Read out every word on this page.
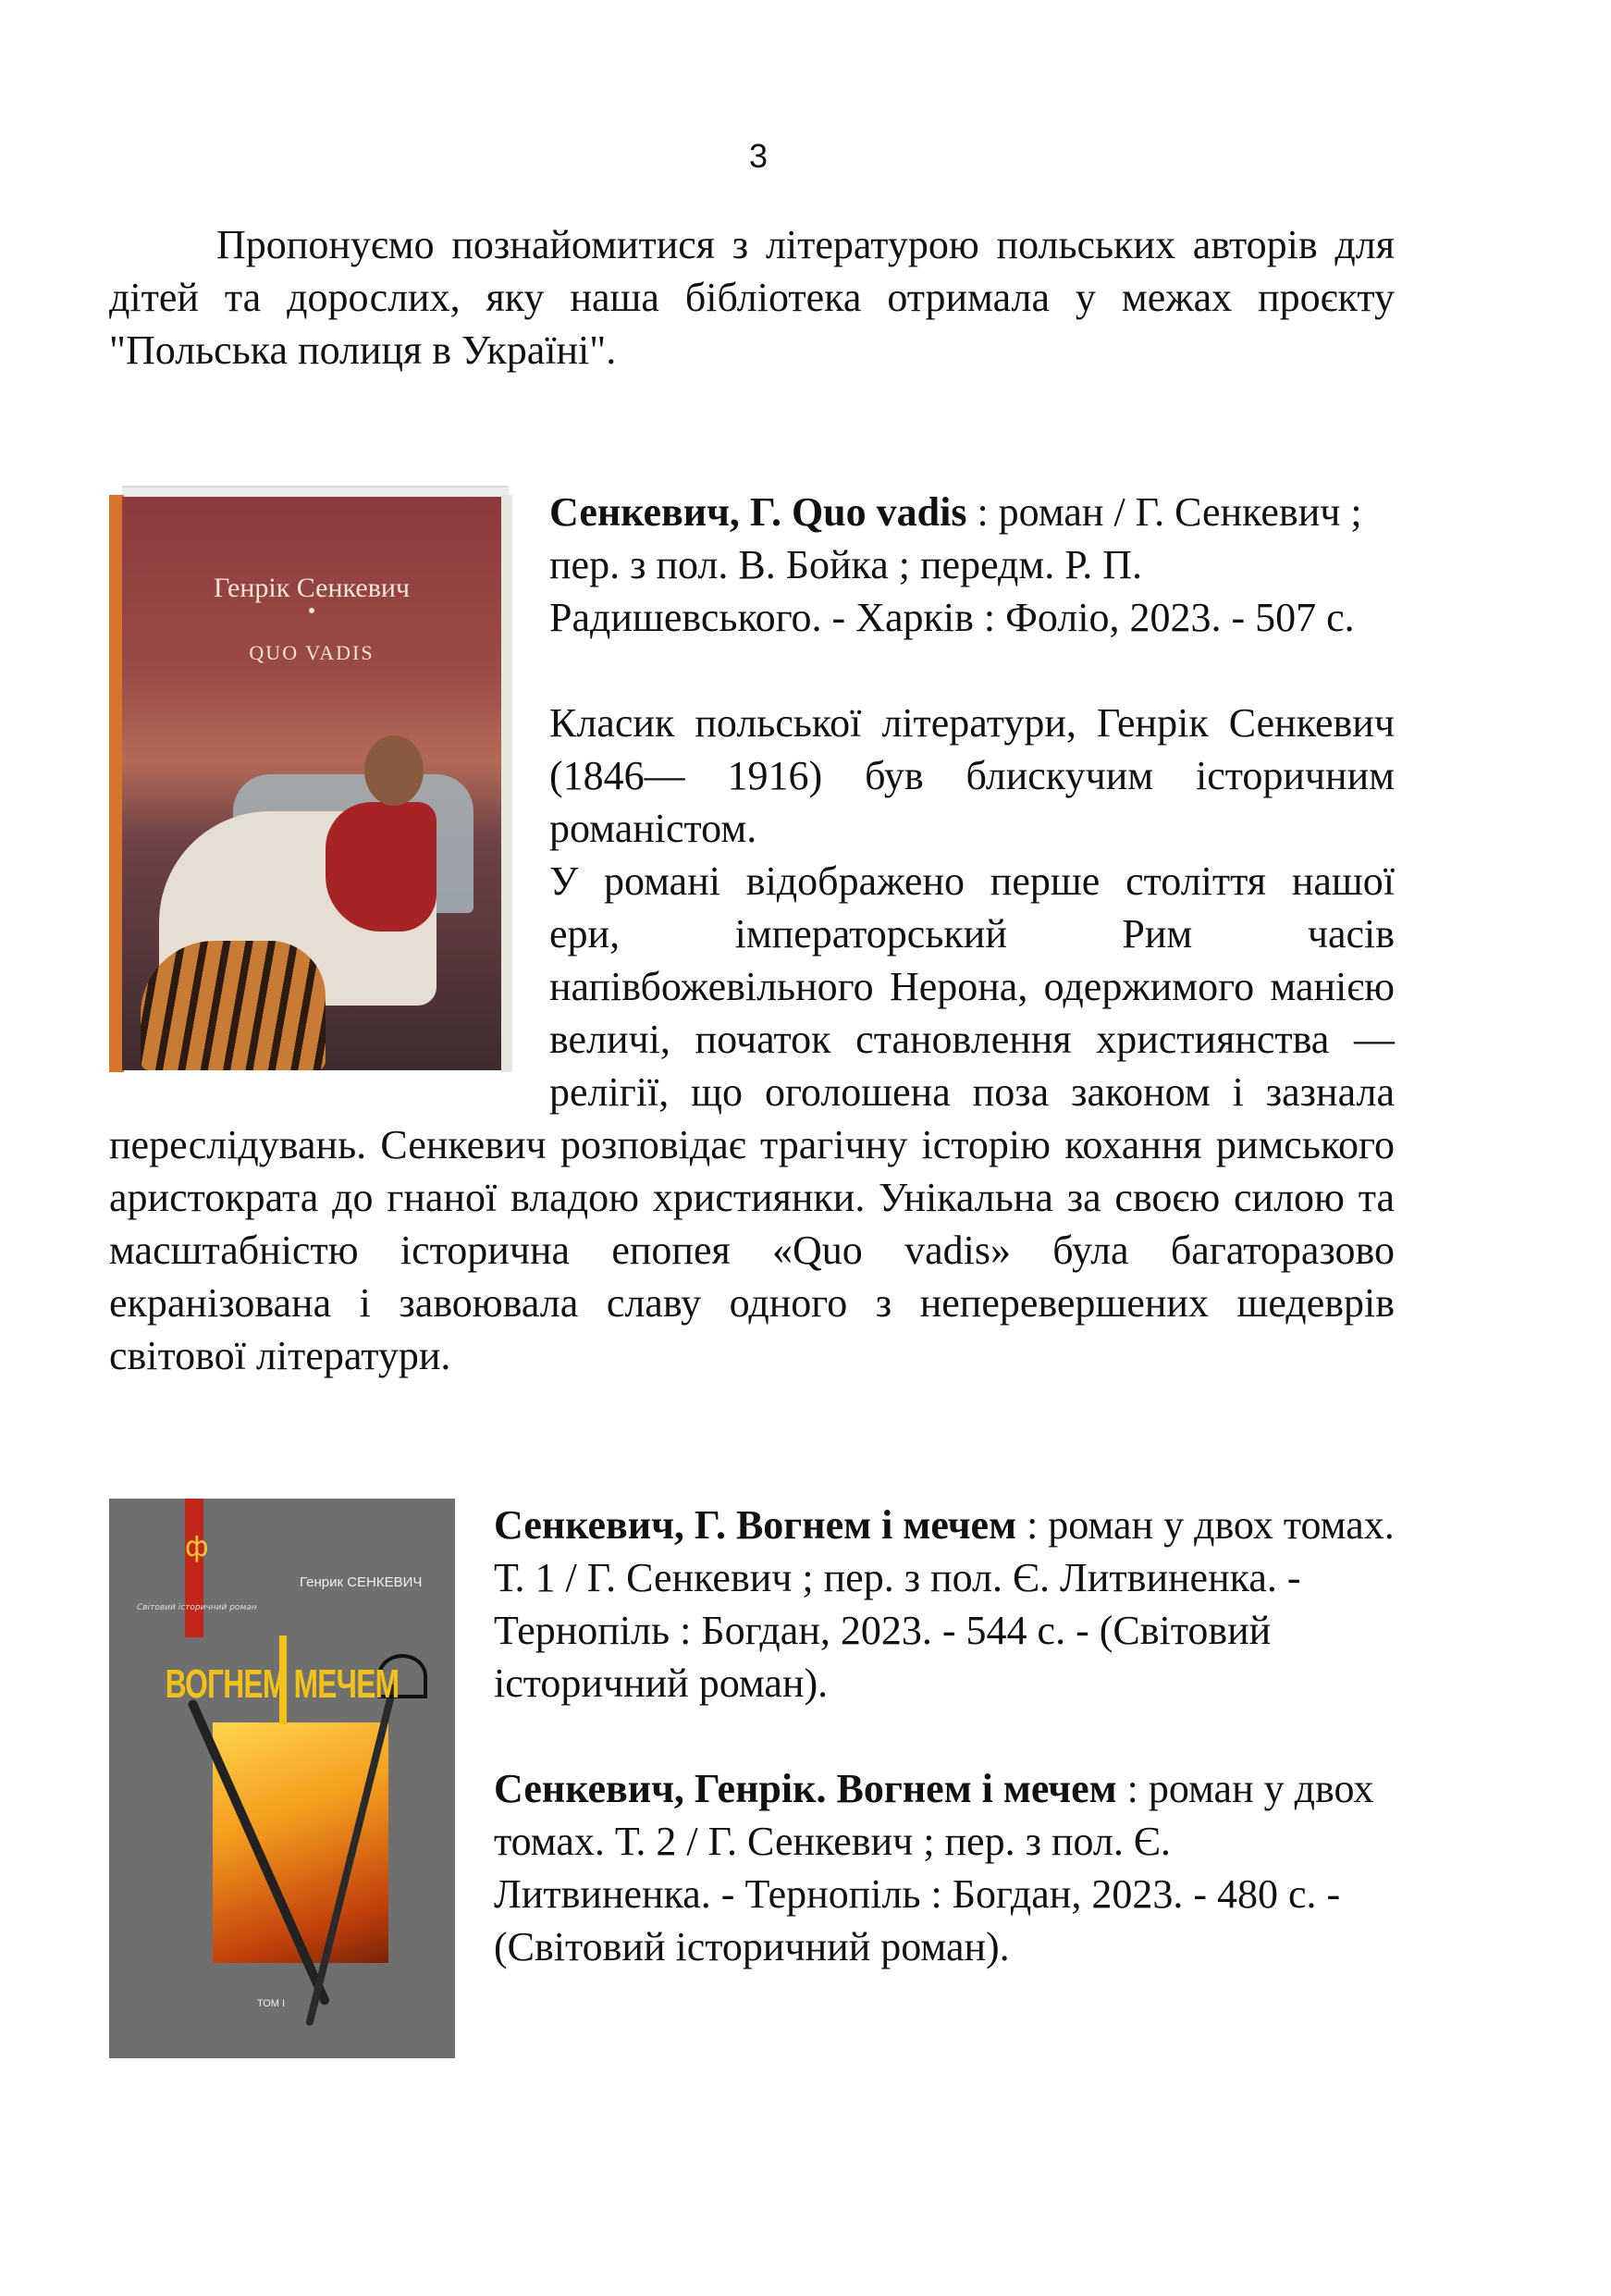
3

Пропонуємо познайомитися з літературою польських авторів для дітей та дорослих, яку наша бібліотека отримала у межах проєкту "Польська полиця в Україні".

Генрік Сенкевич
QUO VADIS

Сенкевич, Г. Quo vadis : роман / Г. Сенкевич ; пер. з пол. В. Бойка ; передм. Р. П. Радишевського. - Харків : Фоліо, 2023. - 507 с.

Класик польської літератури, Генрік Сенкевич (1846— 1916) був блискучим історичним романістом.

У романі відображено перше століття нашої ери, імператорський Рим часів напівбожевільного Нерона, одержимого манією величі, початок становлення християнства — релігії, що оголошена поза законом і зазнала переслідувань. Сенкевич розповідає трагічну історію кохання римського аристократа до гнаної владою християнки. Унікальна за своєю силою та масштабністю історична епопея «Quo vadis» була багаторазово екранізована і завоювала славу одного з неперевершених шедеврів світової літератури.

ф
Світовий історичний роман
Генрик СЕНКЕВИЧ
ВОГНЕМ МЕЧЕМ
ТОМ І

Сенкевич, Г. Вогнем і мечем : роман у двох томах. Т. 1 / Г. Сенкевич ; пер. з пол. Є. Литвиненка. - Тернопіль : Богдан, 2023. - 544 с. - (Світовий історичний роман).

Сенкевич, Генрік. Вогнем і мечем : роман у двох томах. Т. 2 / Г. Сенкевич ; пер. з пол. Є. Литвиненка. - Тернопіль : Богдан, 2023. - 480 с. - (Світовий історичний роман).
